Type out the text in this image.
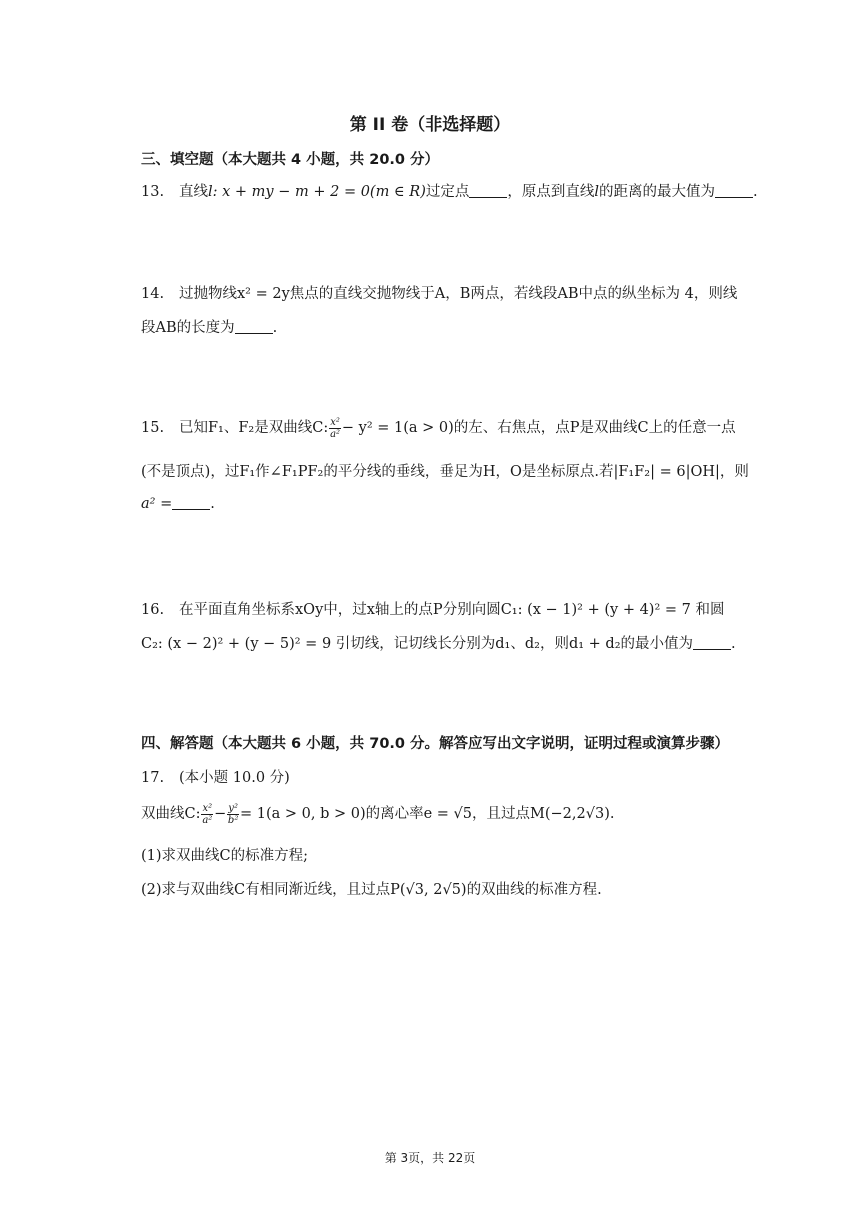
第 II 卷（非选择题）
三、填空题（本大题共 4 小题，共 20.0 分）
13. 直线l: x + my − m + 2 = 0(m ∈ R)过定点	，原点到直线l的距离的最大值为	.
14. 过抛物线x² = 2y焦点的直线交抛物线于A，B两点，若线段AB中点的纵坐标为 4，则线
段AB的长度为	.
15. 已知F₁、F₂是双曲线C: $\frac{\text{x²}}{\text{a²}} - y^2 = 1(a > 0)$的左、右焦点，点P是双曲线C上的任意一点
(不是顶点)，过F₁作∠F₁PF₂的平分线的垂线，垂足为H，O是坐标原点.若|F₁F₂| = 6|OH|，则
a² =	.
16. 在平面直角坐标系xOy中，过x轴上的点P分别向圆C₁: (x − 1)² + (y + 4)² = 7 和圆
C₂: (x − 2)² + (y − 5)² = 9 引切线，记切线长分别为d₁、d₂，则d₁ + d₂的最小值为	.
四、解答题（本大题共 6 小题，共 70.0 分。解答应写出文字说明，证明过程或演算步骤）
17. (本小题 10.0 分)
双曲线C: $\frac{\text{x²}}{\text{a²}} - \frac{\text{y²}}{\text{b²}} = 1(a > 0$, b > 0)的离心率e = √5，且过点M(−2,2√3).
(1)求双曲线C的标准方程;
(2)求与双曲线C有相同渐近线，且过点P(√3, 2√5)的双曲线的标准方程.
第 3页，共 22页
